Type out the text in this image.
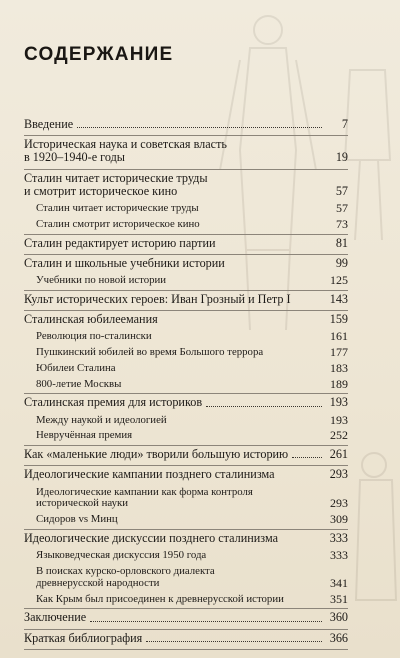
СОДЕРЖАНИЕ
Введение	7
Историческая наука и советская власть
в 1920–1940-е годы	19
Сталин читает исторические труды
и смотрит историческое кино	57
Сталин читает исторические труды	57
Сталин смотрит историческое кино	73
Сталин редактирует историю партии	81
Сталин и школьные учебники истории	99
Учебники по новой истории	125
Культ исторических героев: Иван Грозный и Петр I	143
Сталинская юбилеемания	159
Революция по-сталински	161
Пушкинский юбилей во время Большого террора	177
Юбилеи Сталина	183
800-летие Москвы	189
Сталинская премия для историков	193
Между наукой и идеологией	193
Невручённая премия	252
Как «маленькие люди» творили большую историю	261
Идеологические кампании позднего сталинизма	293
Идеологические кампании как форма контроля
исторической науки	293
Сидоров vs Минц	309
Идеологические дискуссии позднего сталинизма	333
Языковедческая дискуссия 1950 года	333
В поисках курско-орловского диалекта
древнерусской народности	341
Как Крым был присоединен к древнерусской истории	351
Заключение	360
Краткая библиография	366
